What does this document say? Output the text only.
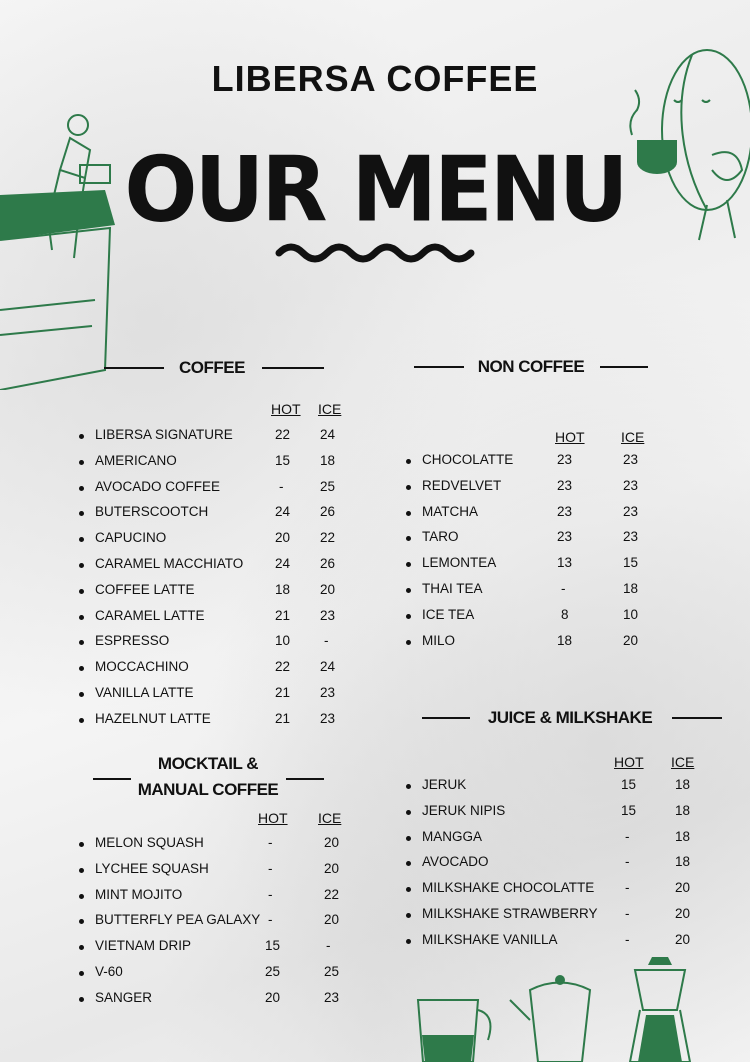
LIBERSA COFFEE
OUR MENU
COFFEE
HOT ICE
LIBERSA SIGNATURE	22 24
AMERICANO	15 18
AVOCADO COFFEE	-	25
BUTERSCOOTCH	24 26
CAPUCINO	20 22
CARAMEL MACCHIATO 24 26
COFFEE LATTE	18 20
CARAMEL LATTE	21 23
ESPRESSO	10	-
MOCCACHINO	22 24
VANILLA LATTE	21 23
HAZELNUT LATTE	21 23
MOCKTAIL &
MANUAL COFFEE
HOT ICE
MELON SQUASH	-	20
LYCHEE SQUASH	-	20
MINT MOJITO	-	22
BUTTERFLY PEA GALAXY -	20
VIETNAM DRIP	15	-
V-60	25	25
SANGER	20	23
NON COFFEE
HOT	ICE
CHOCOLATTE	23	23
REDVELVET	23	23
MATCHA	23	23
TARO	23	23
LEMONTEA	13	15
THAI TEA	-	18
ICE TEA	8	10
MILO	18	20
JUICE & MILKSHAKE
HOT ICE
JERUK	15	18
JERUK NIPIS	15	18
MANGGA	-	18
AVOCADO	-	18
MILKSHAKE CHOCOLATTE -	20
MILKSHAKE STRAWBERRY -	20
MILKSHAKE VANILLA	-	20
